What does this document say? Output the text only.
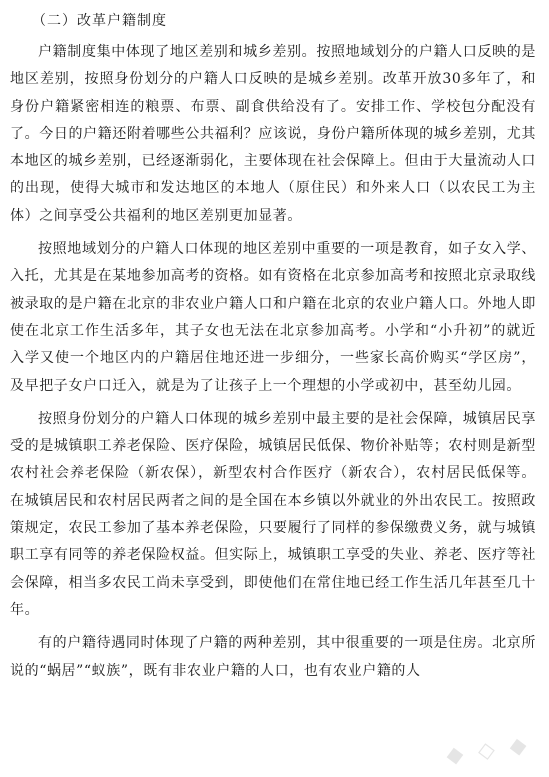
（二）改革户籍制度

户籍制度集中体现了地区差别和城乡差别。按照地域划分的户籍人口反映的是地区差别，按照身份划分的户籍人口反映的是城乡差别。改革开放30多年了，和身份户籍紧密相连的粮票、布票、副食供给没有了。安排工作、学校包分配没有了。今日的户籍还附着哪些公共福利？应该说，身份户籍所体现的城乡差别，尤其本地区的城乡差别，已经逐渐弱化，主要体现在社会保障上。但由于大量流动人口的出现，使得大城市和发达地区的本地人（原住民）和外来人口（以农民工为主体）之间享受公共福利的地区差别更加显著。

按照地域划分的户籍人口体现的地区差别中重要的一项是教育，如子女入学、入托，尤其是在某地参加高考的资格。如有资格在北京参加高考和按照北京录取线被录取的是户籍在北京的非农业户籍人口和户籍在北京的农业户籍人口。外地人即使在北京工作生活多年，其子女也无法在北京参加高考。小学和“小升初”的就近入学又使一个地区内的户籍居住地还进一步细分，一些家长高价购买“学区房”，及早把子女户口迁入，就是为了让孩子上一个理想的小学或初中，甚至幼儿园。

按照身份划分的户籍人口体现的城乡差别中最主要的是社会保障，城镇居民享受的是城镇职工养老保险、医疗保险，城镇居民低保、物价补贴等；农村则是新型农村社会养老保险（新农保），新型农村合作医疗（新农合），农村居民低保等。在城镇居民和农村居民两者之间的是全国在本乡镇以外就业的外出农民工。按照政策规定，农民工参加了基本养老保险，只要履行了同样的参保缴费义务，就与城镇职工享有同等的养老保险权益。但实际上，城镇职工享受的失业、养老、医疗等社会保障，相当多农民工尚未享受到，即使他们在常住地已经工作生活几年甚至几十年。

有的户籍待遇同时体现了户籍的两种差别，其中很重要的一项是住房。北京所说的“蜗居”“蚁族”，既有非农业户籍的人口，也有农业户籍的人

◆ ◇ ◆
